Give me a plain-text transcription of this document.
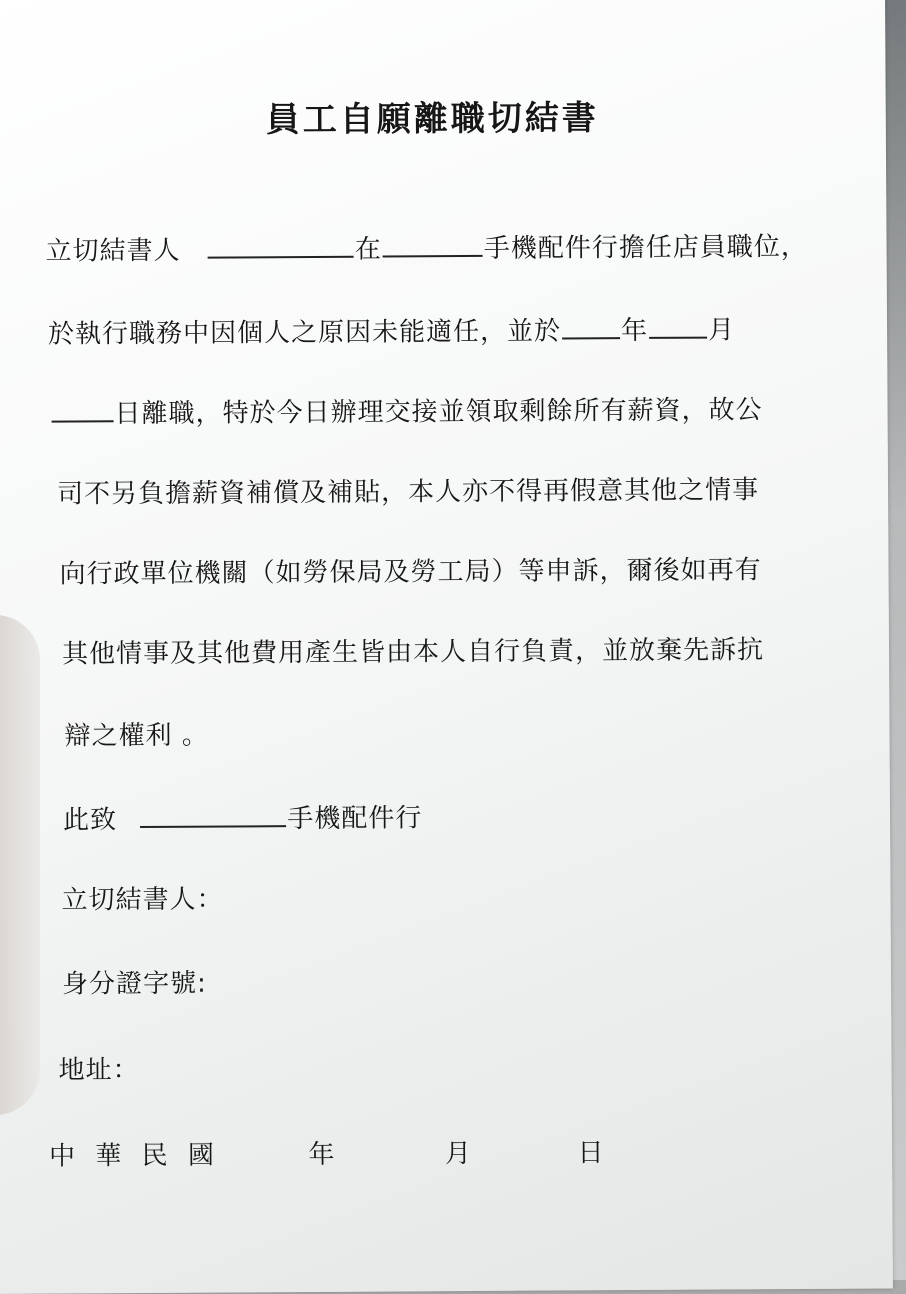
員工自願離職切結書
立切結書人	在	手機配件行擔任店員職位，
於執行職務中因個人之原因未能適任，並於 年 月
日離職，特於今日辦理交接並領取剩餘所有薪資，故公
司不另負擔薪資補償及補貼，本人亦不得再假意其他之情事
向行政單位機關（如勞保局及勞工局）等申訴，爾後如再有
其他情事及其他費用產生皆由本人自行負責，並放棄先訴抗
辯之權利 。
此致	手機配件行
立切結書人：
身分證字號:
地址：
中 華 民 國	年	月	日
